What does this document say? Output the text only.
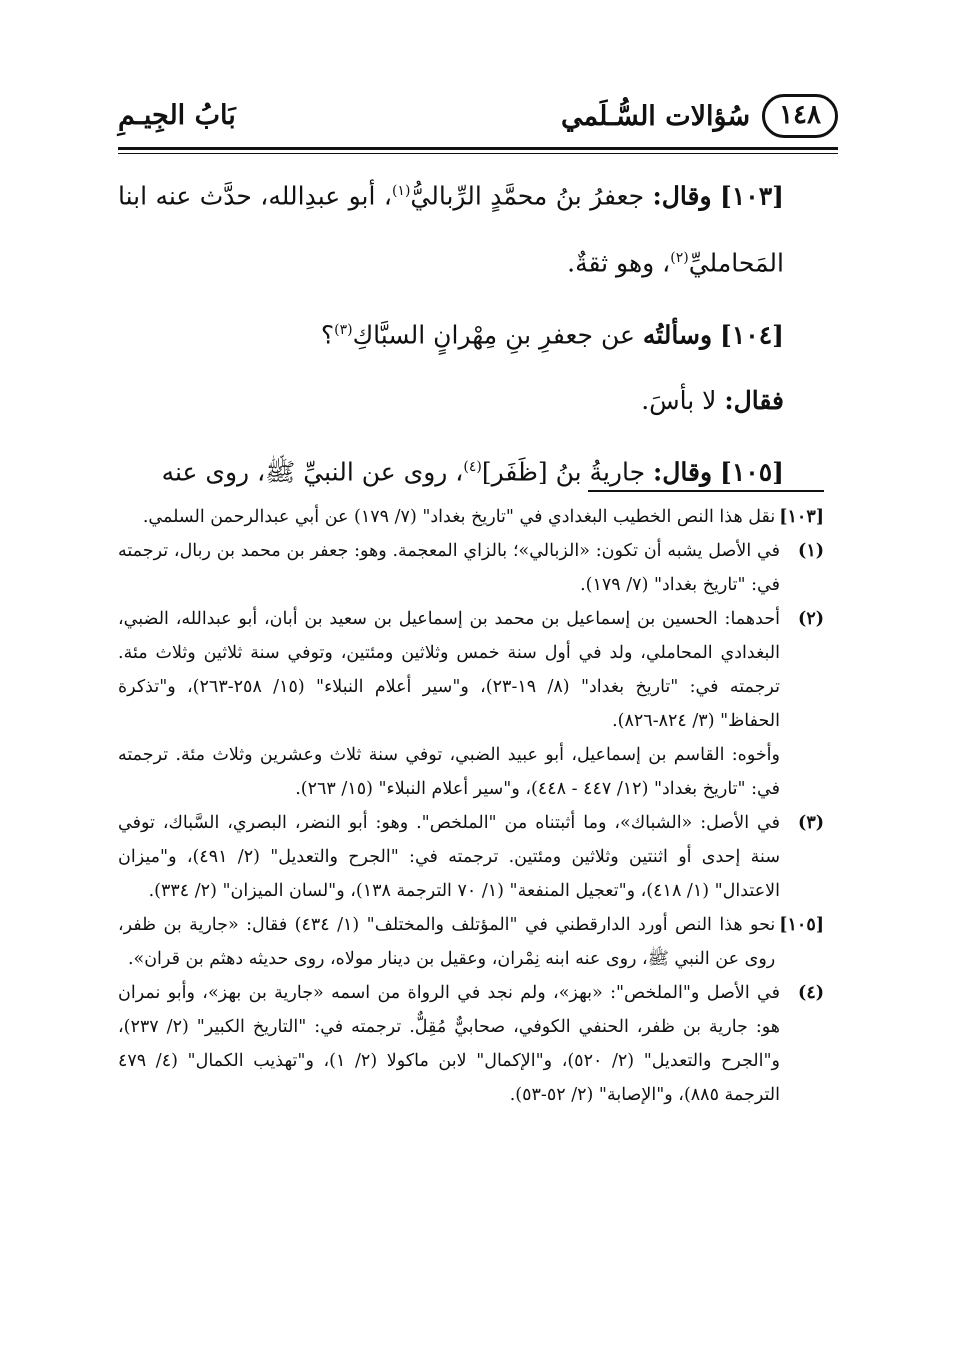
بَابُ الجِيـمِ	١٤٨
سُؤالات السُّـلَمي

[١٠٣] وقال: جعفرُ بنُ محمَّدٍ الرِّباليُّ$^{(١)}$، أبو عبدِالله، حدَّث عنه ابنا المَحامليِّ$^{(٢)}$، وهو ثقةٌ.

[١٠٤] وسألتُه عن جعفرِ بنِ مِهْرانٍ السبَّاكِ$^{(٣)}$؟

فقال: لا بأسَ.

[١٠٥] وقال: جاريةُ بنُ [ظَفَر]$^{(٤)}$، روى عن النبيِّ ﷺ، روى عنه

[١٠٣]
نقل هذا النص الخطيب البغدادي في "تاريخ بغداد" (٧/ ١٧٩) عن أبي عبدالرحمن السلمي.
(١)
في الأصل يشبه أن تكون: «الزبالي»؛ بالزاي المعجمة. وهو: جعفر بن محمد بن ربال، ترجمته في: "تاريخ بغداد" (٧/ ١٧٩).
(٢)
أحدهما: الحسين بن إسماعيل بن محمد بن إسماعيل بن سعيد بن أبان، أبو عبدالله، الضبي، البغدادي المحاملي، ولد في أول سنة خمس وثلاثين ومئتين، وتوفي سنة ثلاثين وثلاث مئة. ترجمته في: "تاريخ بغداد" (٨/ ١٩-٢٣)، و"سير أعلام النبلاء" (١٥/ ٢٥٨-٢٦٣)، و"تذكرة الحفاظ" (٣/ ٨٢٤-٨٢٦).
وأخوه: القاسم بن إسماعيل، أبو عبيد الضبي، توفي سنة ثلاث وعشرين وثلاث مئة. ترجمته في: "تاريخ بغداد" (١٢/ ٤٤٧ - ٤٤٨)، و"سير أعلام النبلاء" (١٥/ ٢٦٣).
(٣)
في الأصل: «الشباك»، وما أثبتناه من "الملخص". وهو: أبو النضر، البصري، السَّباك، توفي سنة إحدى أو اثنتين وثلاثين ومئتين. ترجمته في: "الجرح والتعديل" (٢/ ٤٩١)، و"ميزان الاعتدال" (١/ ٤١٨)، و"تعجيل المنفعة" (١/ ٧٠ الترجمة ١٣٨)، و"لسان الميزان" (٢/ ٣٣٤).
[١٠٥]
نحو هذا النص أورد الدارقطني في "المؤتلف والمختلف" (١/ ٤٣٤) فقال: «جارية بن ظفر، روى عن النبي ﷺ، روى عنه ابنه نِمْران، وعقيل بن دينار مولاه، روى حديثه دهثم بن قران».
(٤)
في الأصل و"الملخص": «بهز»، ولم نجد في الرواة من اسمه «جارية بن بهز»، وأبو نمران هو: جارية بن ظفر، الحنفي الكوفي، صحابيٌّ مُقِلٌّ. ترجمته في: "التاريخ الكبير" (٢/ ٢٣٧)، و"الجرح والتعديل" (٢/ ٥٢٠)، و"الإكمال" لابن ماكولا (٢/ ١)، و"تهذيب الكمال" (٤/ ٤٧٩ الترجمة ٨٨٥)، و"الإصابة" (٢/ ٥٢-٥٣).
